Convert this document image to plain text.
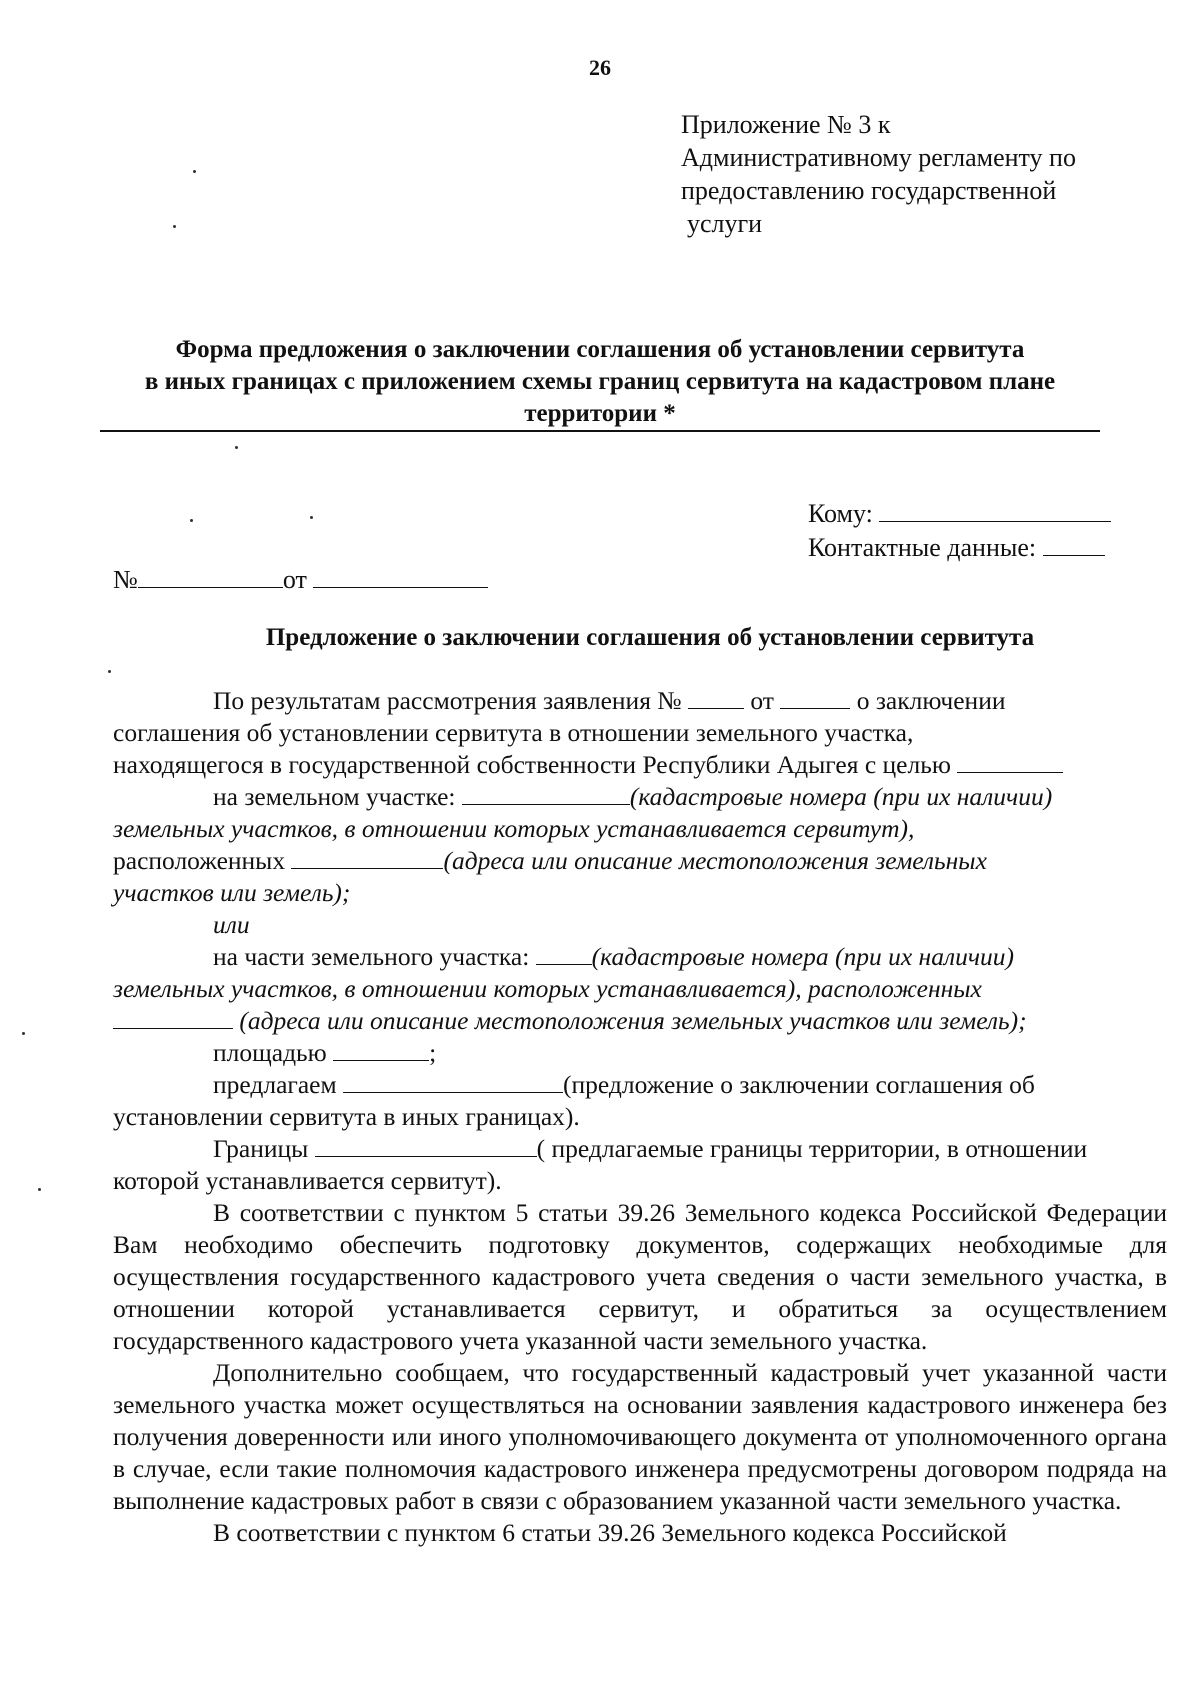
26
Приложение № 3 к
Административному регламенту по
предоставлению государственной
услуги
Форма предложения о заключении соглашения об установлении сервитута
в иных границах с приложением схемы границ сервитута на кадастровом плане
территории *
Кому:
Контактные данные:
№	от
Предложение о заключении соглашения об установлении сервитута

По результатам рассмотрения заявления №	от	о заключении

соглашения об установлении сервитута в отношении земельного участка,

находящегося в государственной собственности Республики Адыгея с целью

на земельном участке:	(кадастровые номера (при их наличии)

земельных участков, в отношении которых устанавливается сервитут),

расположенных	(адреса или описание местоположения земельных

участков или земель);

или

на части земельного участка: (кадастровые номера (при их наличии)

земельных участков, в отношении которых устанавливается), расположенных

(адреса или описание местоположения земельных участков или земель);

площадью	;

предлагаем	(предложение о заключении соглашения об

установлении сервитута в иных границах).

Границы	( предлагаемые границы территории, в отношении

которой устанавливается сервитут).

В соответствии с пунктом 5 статьи 39.26 Земельного кодекса Российской Федерации Вам необходимо обеспечить подготовку документов, содержащих необходимые для осуществления государственного кадастрового учета сведения о части земельного участка, в отношении которой устанавливается сервитут, и обратиться за осуществлением государственного кадастрового учета указанной части земельного участка.

Дополнительно сообщаем, что государственный кадастровый учет указанной части земельного участка может осуществляться на основании заявления кадастрового инженера без получения доверенности или иного уполномочивающего документа от уполномоченного органа в случае, если такие полномочия кадастрового инженера предусмотрены договором подряда на выполнение кадастровых работ в связи с образованием указанной части земельного участка.

В соответствии с пунктом 6 статьи 39.26 Земельного кодекса Российской
